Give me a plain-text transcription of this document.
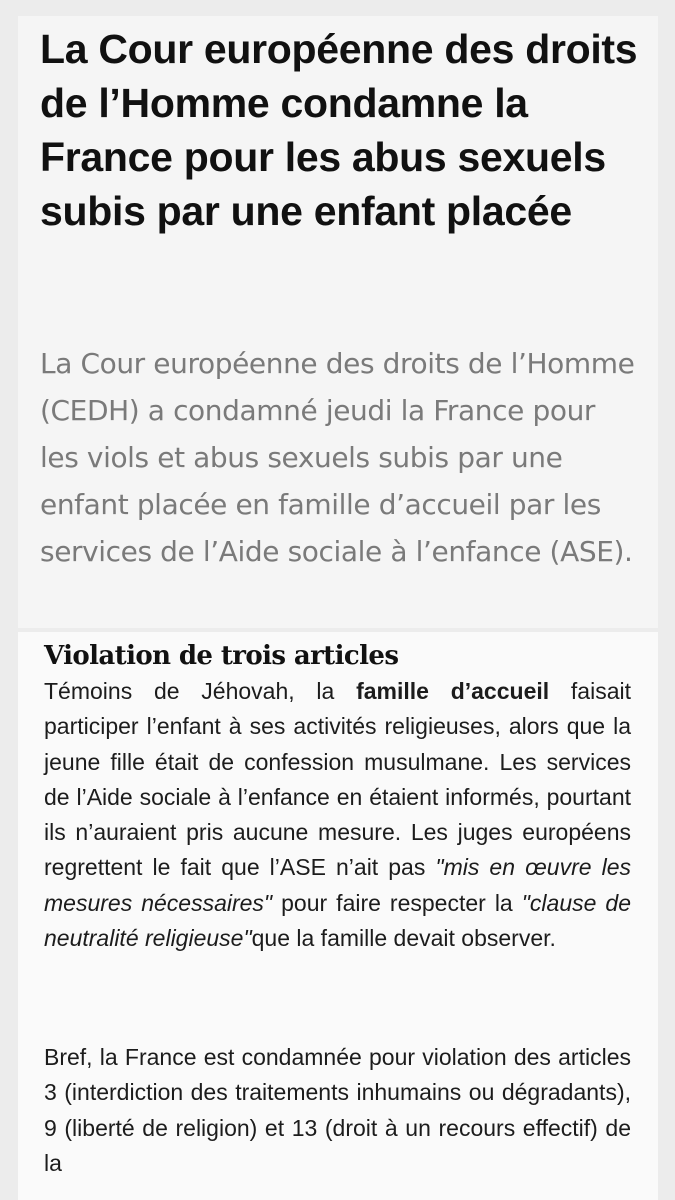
La Cour européenne des droits de l’Homme condamne la France pour les abus sexuels subis par une enfant placée

La Cour européenne des droits de l’Homme (CEDH) a condamné jeudi la France pour les viols et abus sexuels subis par une enfant placée en famille d’accueil par les services de l’Aide sociale à l’enfance (ASE).

Violation de trois articles

Témoins de Jéhovah, la famille d’accueil faisait participer l’enfant à ses activités religieuses, alors que la jeune fille était de confession musulmane. Les services de l’Aide sociale à l’enfance en étaient informés, pourtant ils n’auraient pris aucune mesure. Les juges européens regrettent le fait que l’ASE n’ait pas "mis en œuvre les mesures nécessaires" pour faire respecter la "clause de neutralité religieuse"que la famille devait observer.

Bref, la France est condamnée pour violation des articles 3 (interdiction des traitements inhumains ou dégradants), 9 (liberté de religion) et 13 (droit à un recours effectif) de la
